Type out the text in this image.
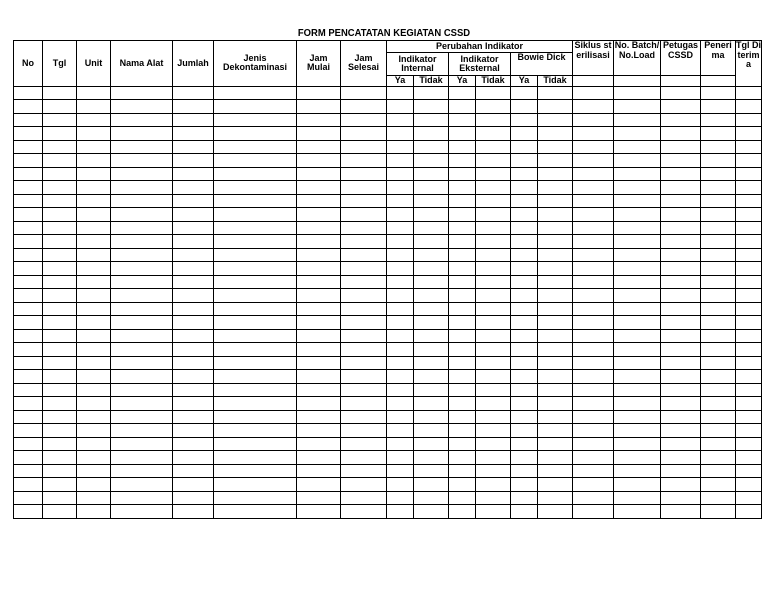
FORM PENCATATAN KEGIATAN CSSD
No	Tgl	Unit	Nama Alat	Jumlah	Jenis Dekontaminasi	Jam Mulai	Jam Selesai	Perubahan Indikator						Siklus sterilisasi	No. Batch/ No.Load	Petugas CSSD	Penerima	Tgl Diterima
								Indikator Internal		Indikator Eksternal		Bowie Dick						

								Ya	Tidak	Ya	Tidak	Ya	Tidak					
